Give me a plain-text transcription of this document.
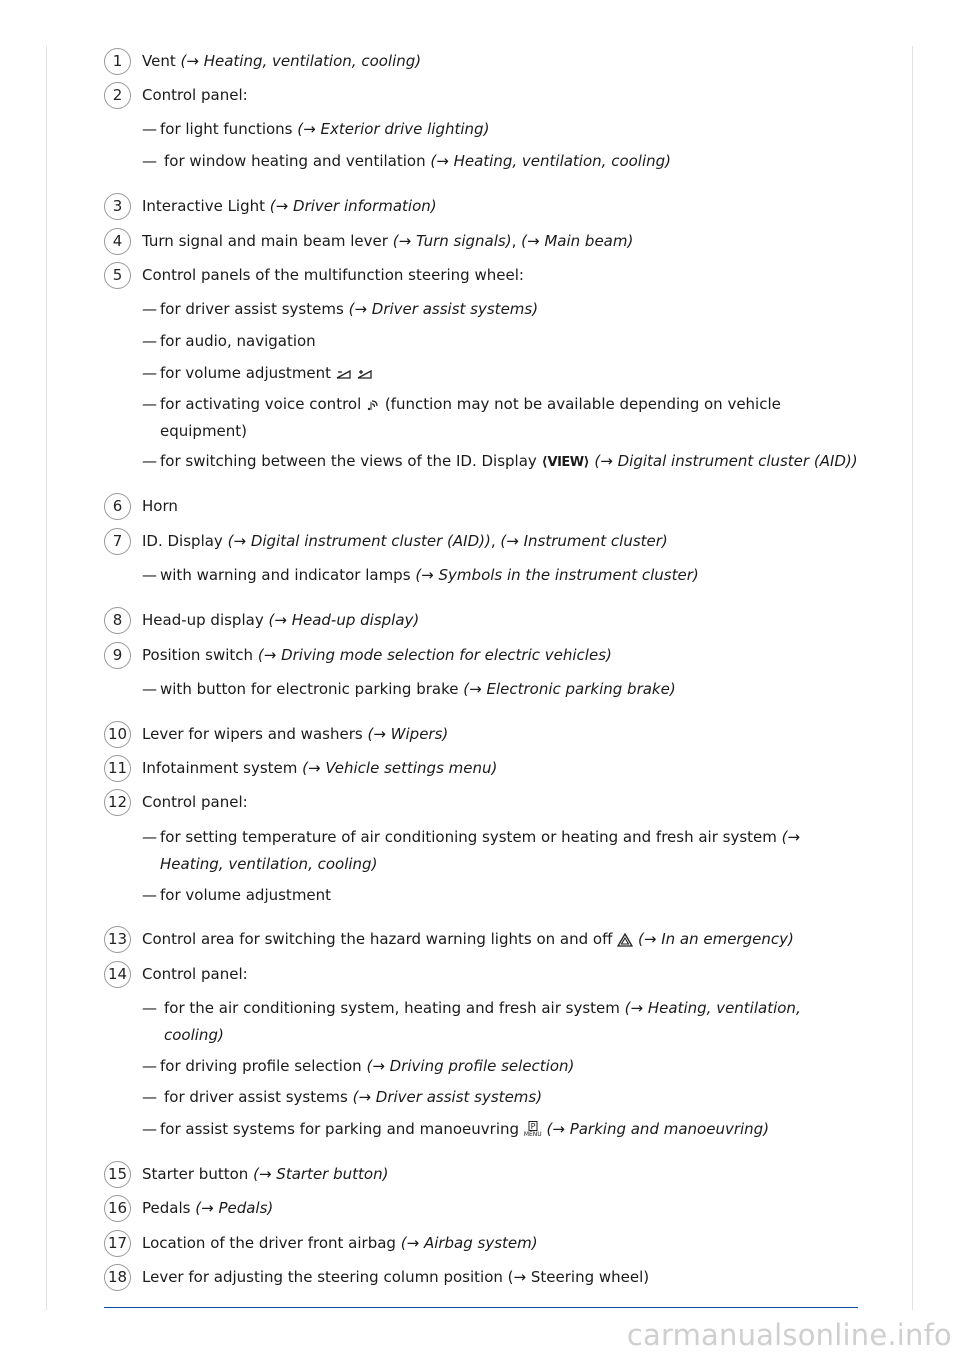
1	Vent (→ Heating, ventilation, cooling)
2	Control panel:
— for light functions (→ Exterior drive lighting)
— for window heating and ventilation (→ Heating, ventilation, cooling)
3	Interactive Light (→ Driver information)
4	Turn signal and main beam lever (→ Turn signals), (→ Main beam)
5	Control panels of the multifunction steering wheel:
— for driver assist systems (→ Driver assist systems)
— for audio, navigation
— for volume adjustment
— for activating voice control (function may not be available depending on vehicle equipment)
— for switching between the views of the ID. Display ⟨VIEW⟩ (→ Digital instrument cluster (AID))
6	Horn
7	ID. Display (→ Digital instrument cluster (AID)), (→ Instrument cluster)
— with warning and indicator lamps (→ Symbols in the instrument cluster)
8	Head-up display (→ Head-up display)
9	Position switch (→ Driving mode selection for electric vehicles)
— with button for electronic parking brake (→ Electronic parking brake)
10 Lever for wipers and washers (→ Wipers)
11 Infotainment system (→ Vehicle settings menu)
12 Control panel:
— for setting temperature of air conditioning system or heating and fresh air system (→ Heating, ventilation, cooling)
— for volume adjustment
13 Control area for switching the hazard warning lights on and off (→ In an emergency)
14 Control panel:
— for the air conditioning system, heating and fresh air system (→ Heating, ventilation, cooling)
— for driving profile selection (→ Driving profile selection)
— for driver assist systems (→ Driver assist systems)
— for assist systems for parking and manoeuvring P
MENU (→ Parking and manoeuvring)
15 Starter button (→ Starter button)
16 Pedals (→ Pedals)
17 Location of the driver front airbag (→ Airbag system)
18 Lever for adjusting the steering column position (→ Steering wheel)
carmanualsonline.info
